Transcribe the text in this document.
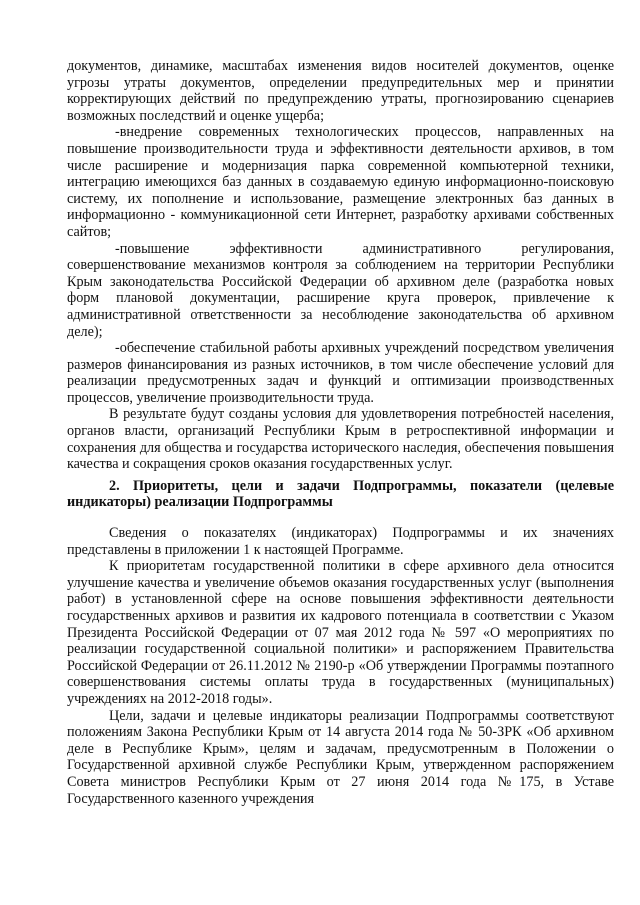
документов, динамике, масштабах изменения видов носителей документов, оценке угрозы утраты документов, определении предупредительных мер и принятии корректирующих действий по предупреждению утраты, прогнозированию сценариев возможных последствий и оценке ущерба;

-внедрение современных технологических процессов, направленных на повышение производительности труда и эффективности деятельности архивов, в том числе расширение и модернизация парка современной компьютерной техники, интеграцию имеющихся баз данных в создаваемую единую информационно-поисковую систему, их пополнение и использование, размещение электронных баз данных в информационно - коммуникационной сети Интернет, разработку архивами собственных сайтов;

-повышение эффективности административного регулирования, совершенствование механизмов контроля за соблюдением на территории Республики Крым законодательства Российской Федерации об архивном деле (разработка новых форм плановой документации, расширение круга проверок, привлечение к административной ответственности за несоблюдение законодательства об архивном деле);

-обеспечение стабильной работы архивных учреждений посредством увеличения размеров финансирования из разных источников, в том числе обеспечение условий для реализации предусмотренных задач и функций и оптимизации производственных процессов, увеличение производительности труда.

В результате будут созданы условия для удовлетворения потребностей населения, органов власти, организаций Республики Крым в ретроспективной информации и сохранения для общества и государства исторического наследия, обеспечения повышения качества и сокращения сроков оказания государственных услуг.

2. Приоритеты, цели и задачи Подпрограммы, показатели (целевые индикаторы) реализации Подпрограммы

Сведения о показателях (индикаторах) Подпрограммы и их значениях представлены в приложении 1 к настоящей Программе.

К приоритетам государственной политики в сфере архивного дела относится улучшение качества и увеличение объемов оказания государственных услуг (выполнения работ) в установленной сфере на основе повышения эффективности деятельности государственных архивов и развития их кадрового потенциала в соответствии с Указом Президента Российской Федерации от 07 мая 2012 года № 597 «О мероприятиях по реализации государственной социальной политики» и распоряжением Правительства Российской Федерации от 26.11.2012 № 2190-р «Об утверждении Программы поэтапного совершенствования системы оплаты труда в государственных (муниципальных) учреждениях на 2012-2018 годы».

Цели, задачи и целевые индикаторы реализации Подпрограммы соответствуют положениям Закона Республики Крым от 14 августа 2014 года № 50-ЗРК «Об архивном деле в Республике Крым», целям и задачам, предусмотренным в Положении о Государственной архивной службе Республики Крым, утвержденном распоряжением Совета министров Республики Крым от 27 июня 2014 года №175, в Уставе Государственного казенного учреждения
